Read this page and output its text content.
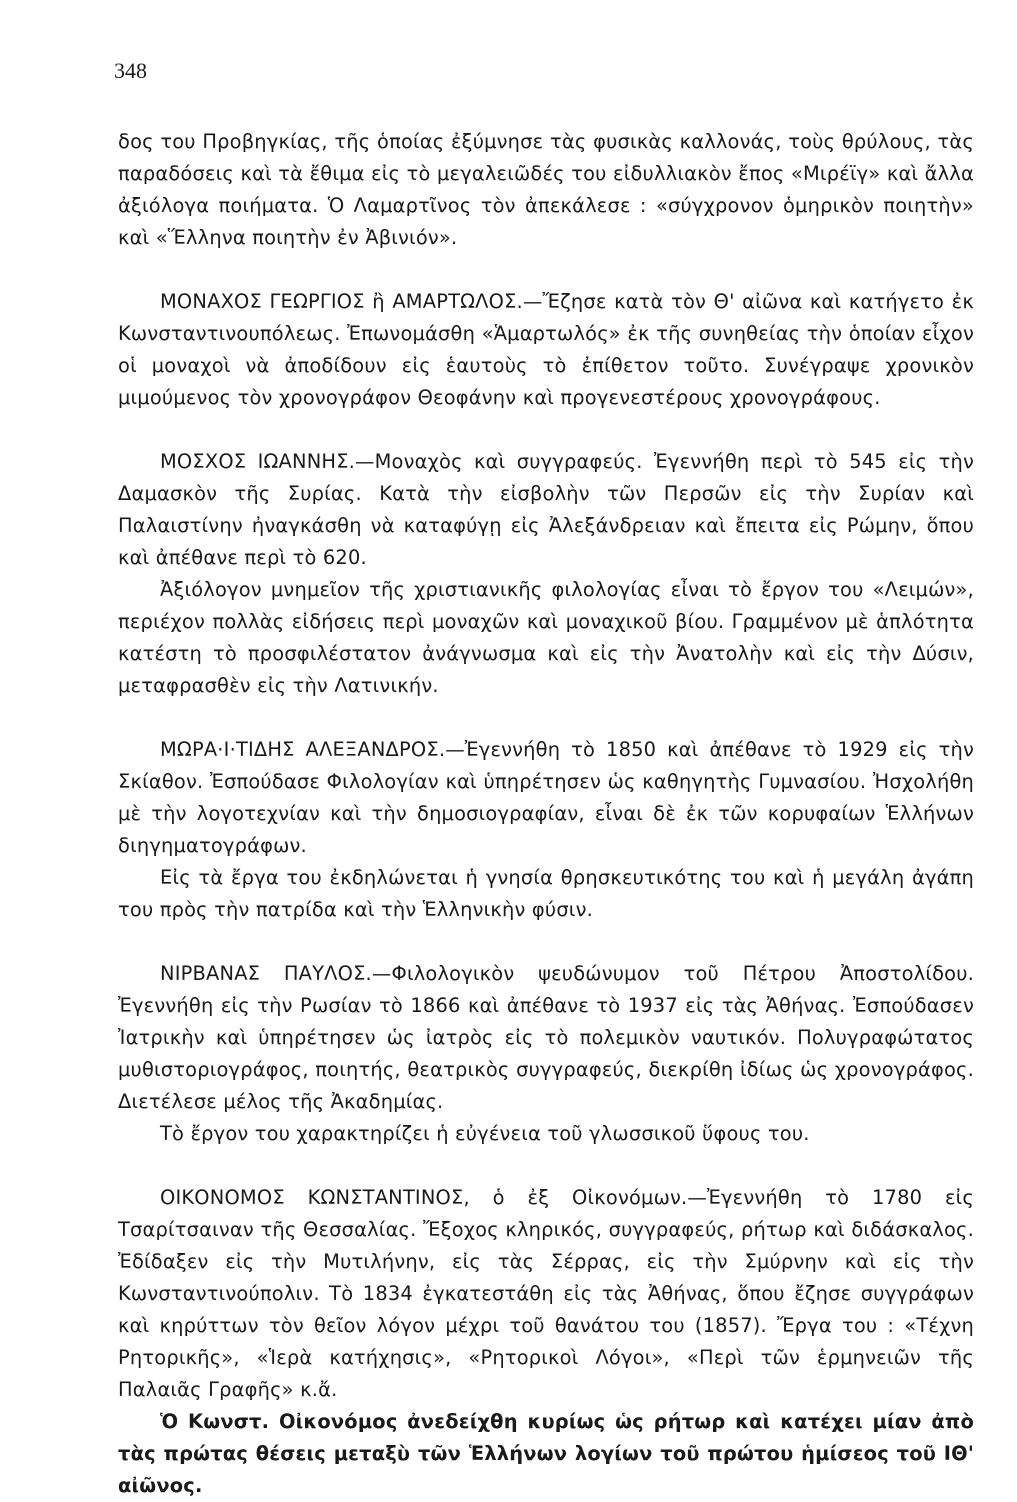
348

δος του Προβηγκίας, τῆς ὁποίας ἐξύμνησε τὰς φυσικὰς καλλονάς, τοὺς θρύλους, τὰς παραδόσεις καὶ τὰ ἔθιμα εἰς τὸ μεγαλειῶδές του εἰδυλλιακὸν ἔπος «Μιρέϊγ» καὶ ἄλλα ἀξιόλογα ποιήματα. Ὁ Λαμαρτῖνος τὸν ἀπεκάλεσε : «σύγχρονον ὁμηρικὸν ποιητὴν» καὶ «Ἕλληνα ποιητὴν ἐν Ἀβινιόν».

ΜΟΝΑΧΟΣ ΓΕΩΡΓΙΟΣ ἢ ΑΜΑΡΤΩΛΟΣ.—Ἔζησε κατὰ τὸν Θ' αἰῶνα καὶ κατήγετο ἐκ Κωνσταντινουπόλεως. Ἐπωνομάσθη «Ἁμαρτωλός» ἐκ τῆς συνηθείας τὴν ὁποίαν εἶχον οἱ μοναχοὶ νὰ ἀποδίδουν εἰς ἑαυτοὺς τὸ ἐπίθετον τοῦτο. Συνέγραψε χρονικὸν μιμούμενος τὸν χρονογράφον Θεοφάνην καὶ προγενεστέρους χρονογράφους.

ΜΟΣΧΟΣ ΙΩΑΝΝΗΣ.—Μοναχὸς καὶ συγγραφεύς. Ἐγεννήθη περὶ τὸ 545 εἰς τὴν Δαμασκὸν τῆς Συρίας. Κατὰ τὴν εἰσβολὴν τῶν Περσῶν εἰς τὴν Συρίαν καὶ Παλαιστίνην ἠναγκάσθη νὰ καταφύγῃ εἰς Ἀλεξάνδρειαν καὶ ἔπειτα εἰς Ρώμην, ὅπου καὶ ἀπέθανε περὶ τὸ 620.

Ἀξιόλογον μνημεῖον τῆς χριστιανικῆς φιλολογίας εἶναι τὸ ἔργον του «Λειμών», περιέχον πολλὰς εἰδήσεις περὶ μοναχῶν καὶ μοναχικοῦ βίου. Γραμμένον μὲ ἁπλότητα κατέστη τὸ προσφιλέστατον ἀνάγνωσμα καὶ εἰς τὴν Ἀνατολὴν καὶ εἰς τὴν Δύσιν, μεταφρασθὲν εἰς τὴν Λατινικήν.

ΜΩΡΑ·Ι·ΤΙΔΗΣ ΑΛΕΞΑΝΔΡΟΣ.—Ἐγεννήθη τὸ 1850 καὶ ἀπέθανε τὸ 1929 εἰς τὴν Σκίαθον. Ἐσπούδασε Φιλολογίαν καὶ ὑπηρέτησεν ὡς καθηγητὴς Γυμνασίου. Ἠσχολήθη μὲ τὴν λογοτεχνίαν καὶ τὴν δημοσιογραφίαν, εἶναι δὲ ἐκ τῶν κορυφαίων Ἑλλήνων διηγηματογράφων.

Εἰς τὰ ἔργα του ἐκδηλώνεται ἡ γνησία θρησκευτικότης του καὶ ἡ μεγάλη ἀγάπη του πρὸς τὴν πατρίδα καὶ τὴν Ἑλληνικὴν φύσιν.

ΝΙΡΒΑΝΑΣ ΠΑΥΛΟΣ.—Φιλολογικὸν ψευδώνυμον τοῦ Πέτρου Ἀποστολίδου. Ἐγεννήθη εἰς τὴν Ρωσίαν τὸ 1866 καὶ ἀπέθανε τὸ 1937 εἰς τὰς Ἀθήνας. Ἐσπούδασεν Ἰατρικὴν καὶ ὑπηρέτησεν ὡς ἰατρὸς εἰς τὸ πολεμικὸν ναυτικόν. Πολυγραφώτατος μυθιστοριογράφος, ποιητής, θεατρικὸς συγγραφεύς, διεκρίθη ἰδίως ὡς χρονογράφος. Διετέλεσε μέλος τῆς Ἀκαδημίας.

Τὸ ἔργον του χαρακτηρίζει ἡ εὐγένεια τοῦ γλωσσικοῦ ὕφους του.

ΟΙΚΟΝΟΜΟΣ ΚΩΝΣΤΑΝΤΙΝΟΣ, ὁ ἐξ Οἰκονόμων.—Ἐγεννήθη τὸ 1780 εἰς Τσαρίτσαιναν τῆς Θεσσαλίας. Ἔξοχος κληρικός, συγγραφεύς, ρήτωρ καὶ διδάσκαλος. Ἐδίδαξεν εἰς τὴν Μυτιλήνην, εἰς τὰς Σέρρας, εἰς τὴν Σμύρνην καὶ εἰς τὴν Κωνσταντινούπολιν. Τὸ 1834 ἐγκατεστάθη εἰς τὰς Ἀθήνας, ὅπου ἔζησε συγγράφων καὶ κηρύττων τὸν θεῖον λόγον μέχρι τοῦ θανάτου του (1857). Ἔργα του : «Τέχνη Ρητορικῆς», «Ἱερὰ κατήχησις», «Ρητορικοὶ Λόγοι», «Περὶ τῶν ἑρμηνειῶν τῆς Παλαιᾶς Γραφῆς» κ.ἄ.

Ὁ Κωνστ. Οἰκονόμος ἀνεδείχθη κυρίως ὡς ρήτωρ καὶ κατέχει μίαν ἀπὸ τὰς πρώτας θέσεις μεταξὺ τῶν Ἑλλήνων λογίων τοῦ πρώτου ἡμίσεος τοῦ ΙΘ' αἰῶνος.
